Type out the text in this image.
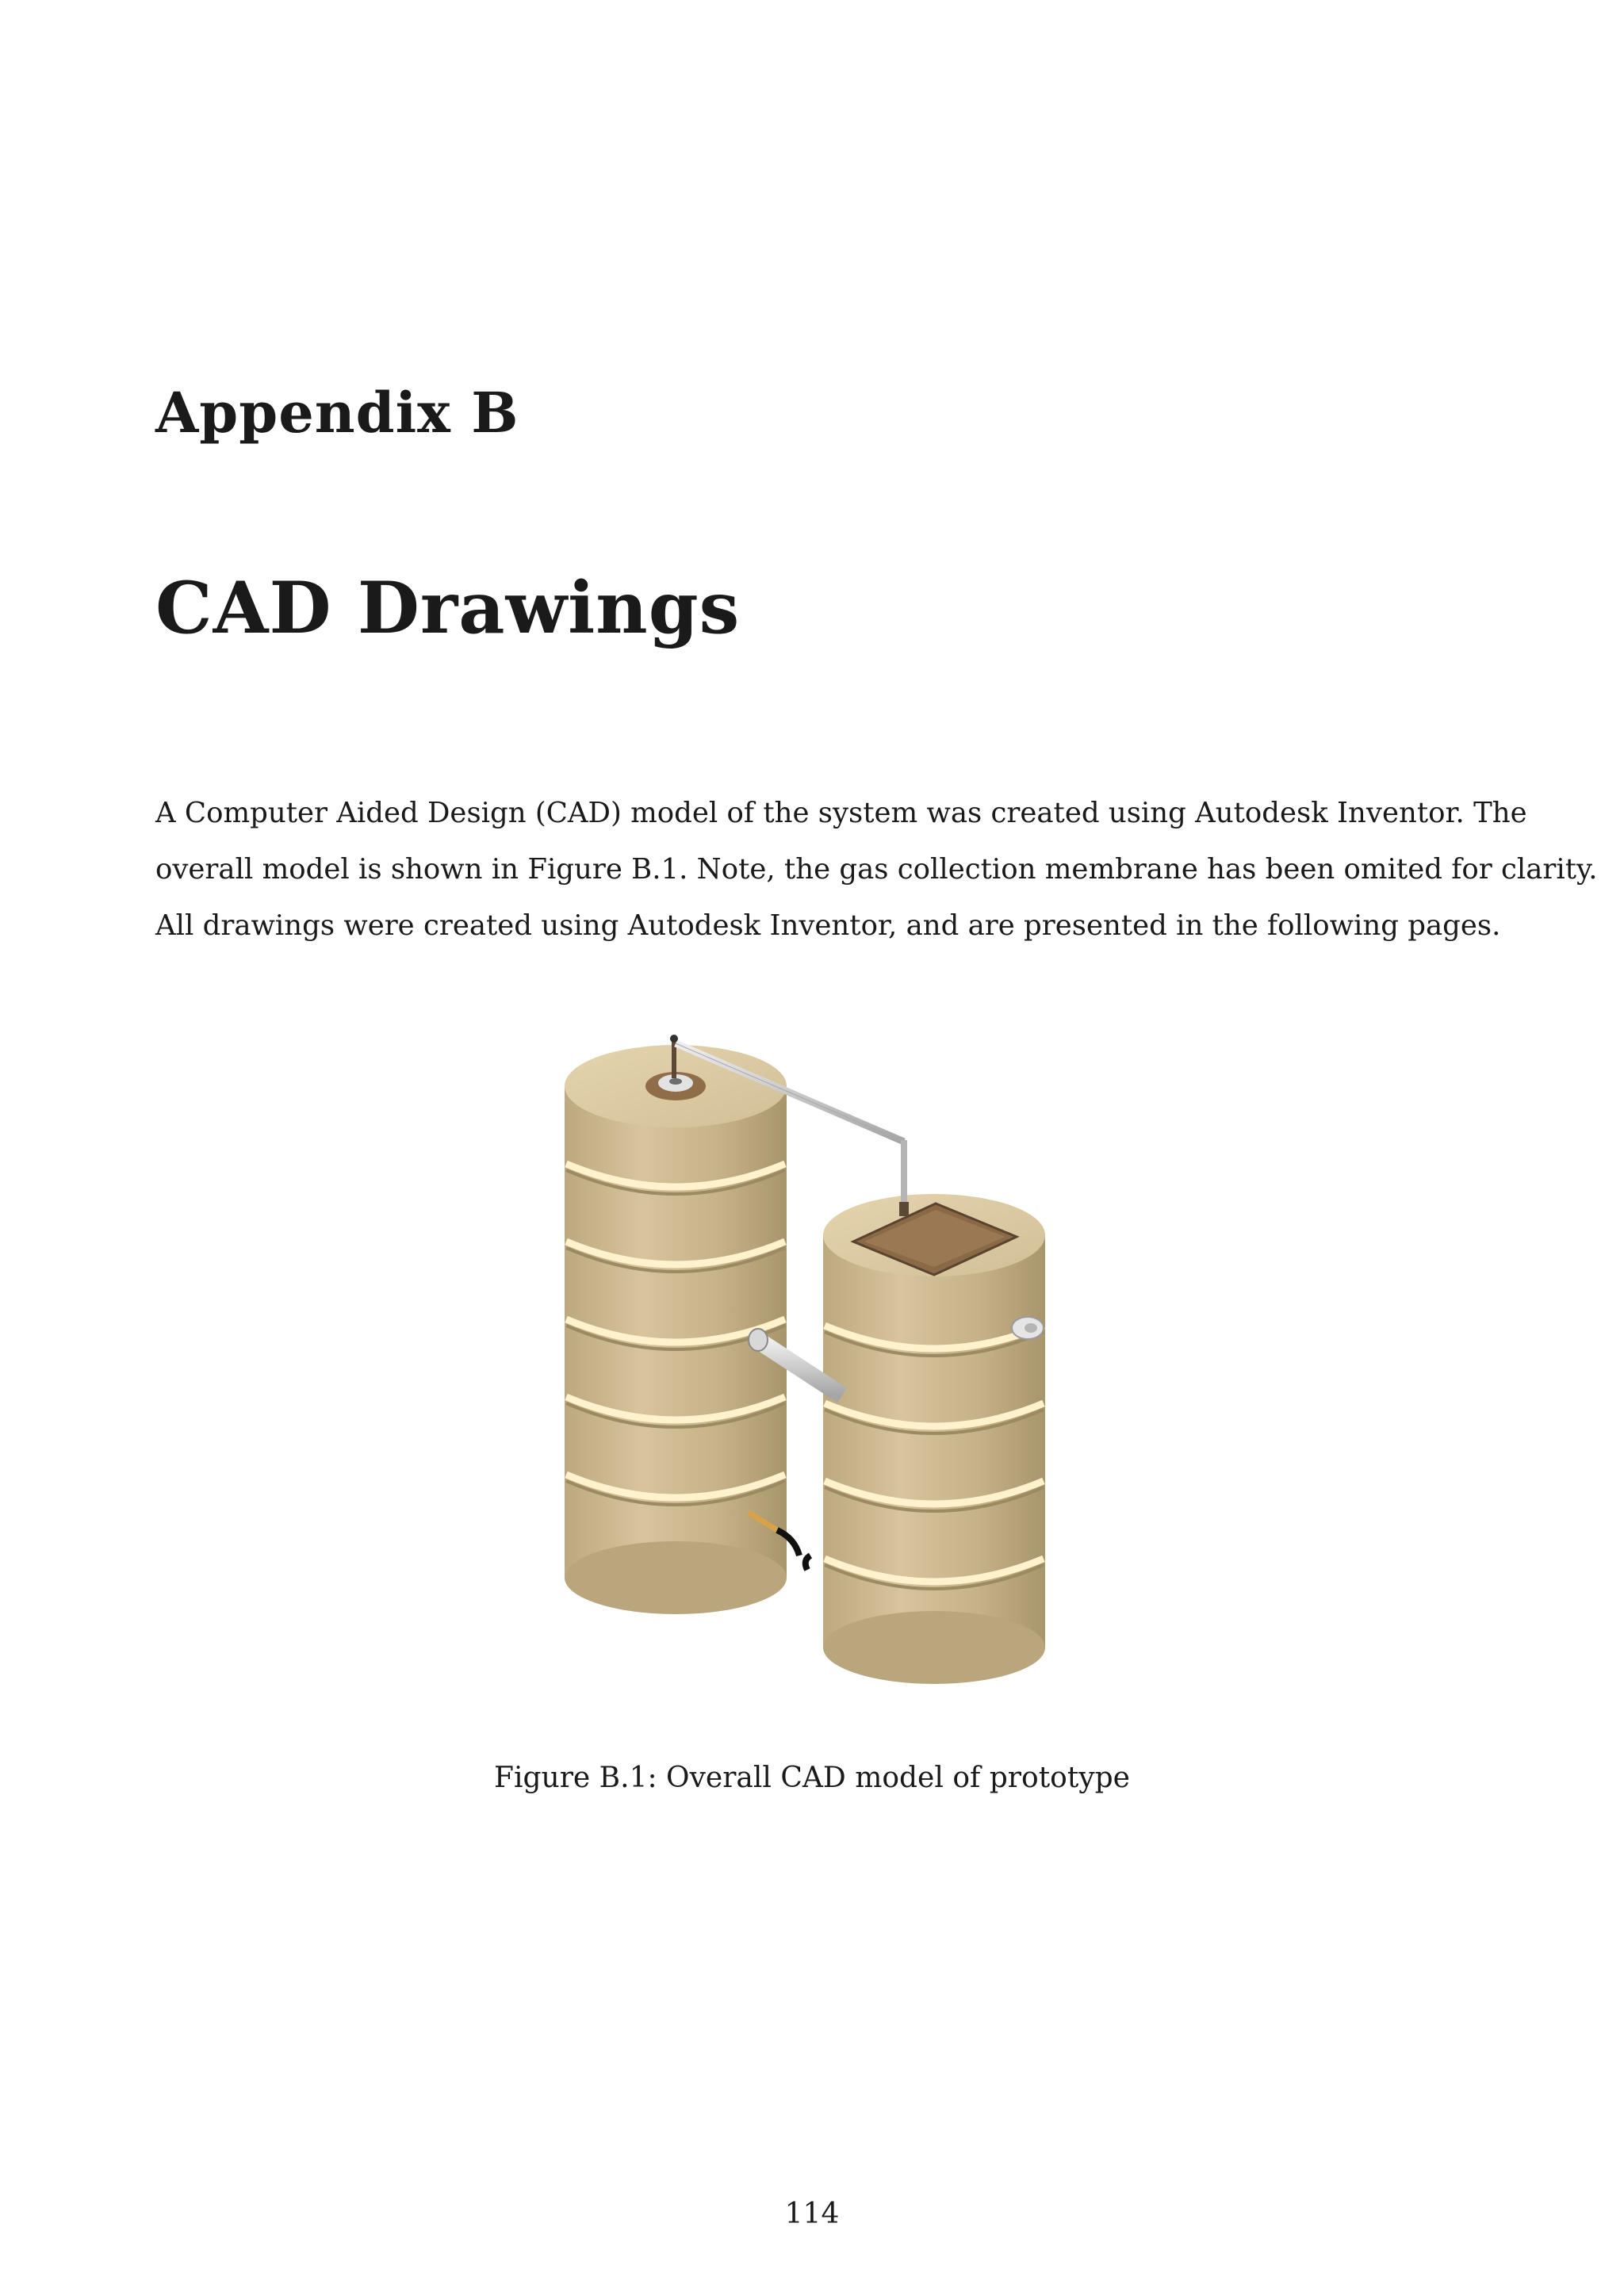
Appendix B
CAD Drawings

A Computer Aided Design (CAD) model of the system was created using Autodesk Inventor. The
overall model is shown in Figure B.1. Note, the gas collection membrane has been omited for clarity.
All drawings were created using Autodesk Inventor, and are presented in the following pages.

Figure B.1: Overall CAD model of prototype

114
